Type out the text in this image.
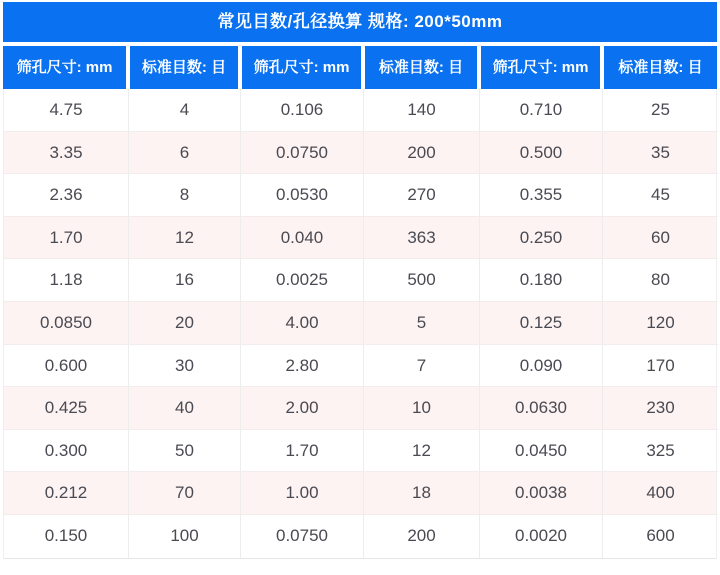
常见目数/孔径换算 规格: 200*50mm
筛孔尺寸: mm	标准目数: 目	筛孔尺寸: mm	标准目数: 目	筛孔尺寸: mm	标准目数: 目
4.75	4	0.106	140	0.710	25
3.35	6	0.0750	200	0.500	35
2.36	8	0.0530	270	0.355	45
1.70	12	0.040	363	0.250	60
1.18	16	0.0025	500	0.180	80
0.0850	20	4.00	5	0.125	120
0.600	30	2.80	7	0.090	170
0.425	40	2.00	10	0.0630	230
0.300	50	1.70	12	0.0450	325
0.212	70	1.00	18	0.0038	400
0.150	100	0.0750	200	0.0020	600
